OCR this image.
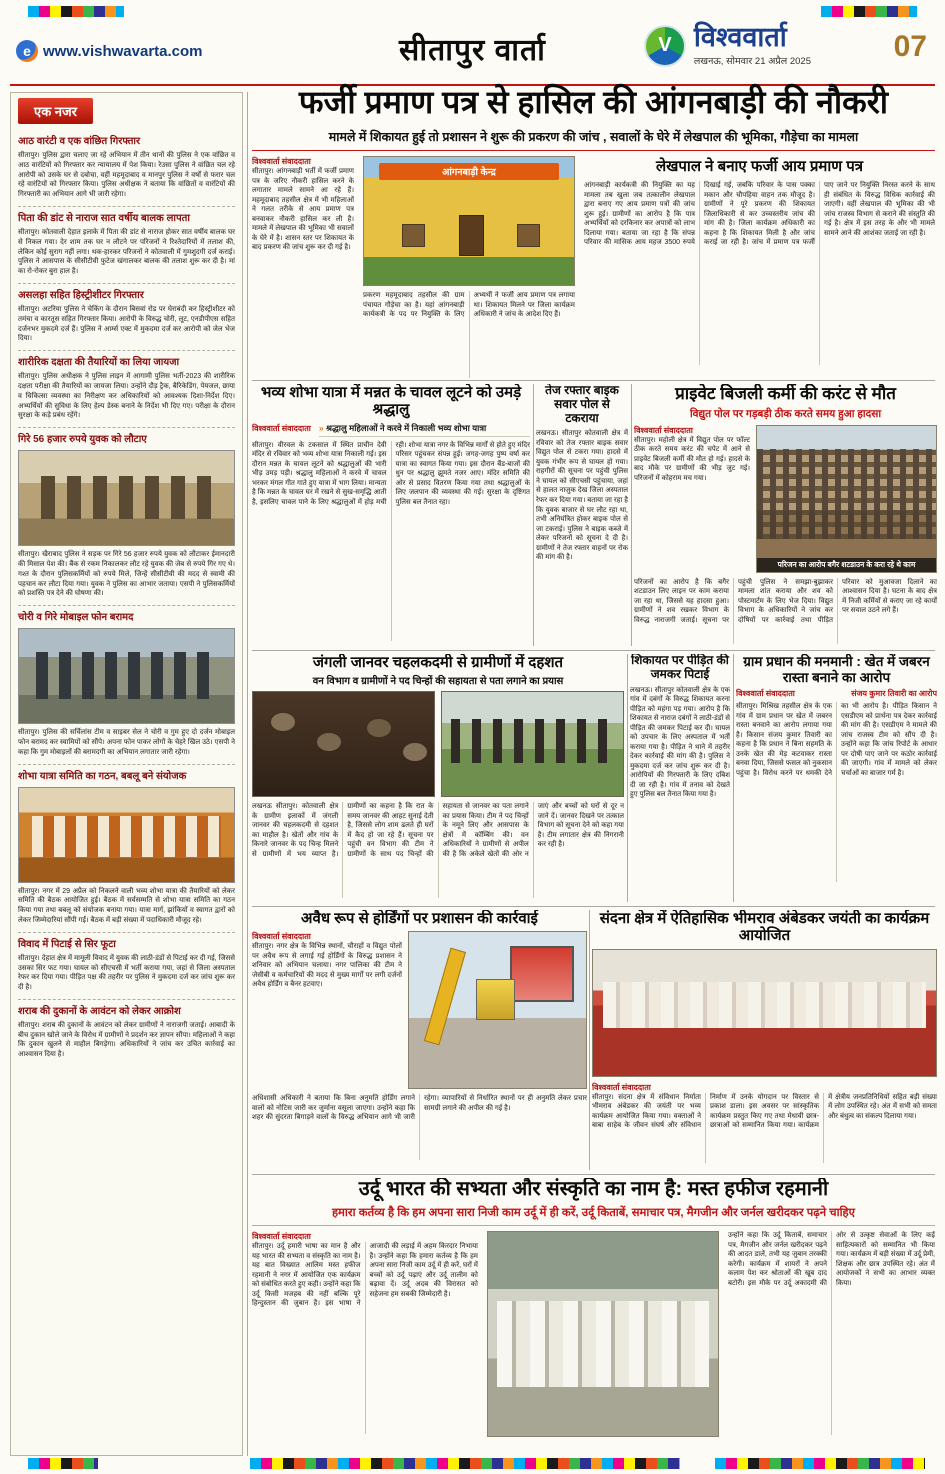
e www.vishwavarta.com	सीतापुर वार्ता	V विश्ववार्ता
लखनऊ, सोमवार 21 अप्रैल 2025	07
एक नजर
आठ वारंटी व एक वांछित गिरफ्तार

सीतापुर। पुलिस द्वारा चलाए जा रहे अभियान में तीन थानों की पुलिस ने एक वांछित व आठ वारंटियों को गिरफ्तार कर न्यायालय में पेश किया। रेउसा पुलिस ने वांछित चल रहे आरोपी को उसके घर से दबोचा, वहीं महमूदाबाद व मानपुर पुलिस ने वर्षों से फरार चल रहे वारंटियों को गिरफ्तार किया। पुलिस अधीक्षक ने बताया कि वांछितों व वारंटियों की गिरफ्तारी का अभियान आगे भी जारी रहेगा।

पिता की डांट से नाराज सात वर्षीय बालक लापता

सीतापुर। कोतवाली देहात इलाके में पिता की डांट से नाराज होकर सात वर्षीय बालक घर से निकल गया। देर शाम तक घर न लौटने पर परिजनों ने रिश्तेदारियों में तलाश की, लेकिन कोई सुराग नहीं लगा। थक-हारकर परिजनों ने कोतवाली में गुमशुदगी दर्ज कराई। पुलिस ने आसपास के सीसीटीवी फुटेज खंगालकर बालक की तलाश शुरू कर दी है। मां का रो-रोकर बुरा हाल है।

असलहा सहित हिस्ट्रीशीटर गिरफ्तार

सीतापुर। अटरिया पुलिस ने चेकिंग के दौरान बिसवां रोड पर घेराबंदी कर हिस्ट्रीशीटर को तमंचा व कारतूस सहित गिरफ्तार किया। आरोपी के विरुद्ध चोरी, लूट, एनडीपीएस सहित दर्जनभर मुकदमे दर्ज हैं। पुलिस ने आर्म्स एक्ट में मुकदमा दर्ज कर आरोपी को जेल भेज दिया।

शारीरिक दक्षता की तैयारियों का लिया जायजा

सीतापुर। पुलिस अधीक्षक ने पुलिस लाइन में आगामी पुलिस भर्ती-2023 की शारीरिक दक्षता परीक्षा की तैयारियों का जायजा लिया। उन्होंने दौड़ ट्रैक, बैरिकेडिंग, पेयजल, छाया व चिकित्सा व्यवस्था का निरीक्षण कर अधिकारियों को आवश्यक दिशा-निर्देश दिए। अभ्यर्थियों की सुविधा के लिए हेल्प डेस्क बनाने के निर्देश भी दिए गए। परीक्षा के दौरान सुरक्षा के कड़े प्रबंध रहेंगे।

गिरे 56 हजार रुपये युवक को लौटाए

सीतापुर। खैराबाद पुलिस ने सड़क पर गिरे 56 हजार रुपये युवक को लौटाकर ईमानदारी की मिसाल पेश की। बैंक से रकम निकालकर लौट रहे युवक की जेब से रुपये गिर गए थे। गश्त के दौरान पुलिसकर्मियों को रुपये मिले, जिन्हें सीसीटीवी की मदद से स्वामी की पहचान कर लौटा दिया गया। युवक ने पुलिस का आभार जताया। एसपी ने पुलिसकर्मियों को प्रशस्ति पत्र देने की घोषणा की।

चोरी व गिरे मोबाइल फोन बरामद

सीतापुर। पुलिस की सर्विलांस टीम व साइबर सेल ने चोरी व गुम हुए दो दर्जन मोबाइल फोन बरामद कर स्वामियों को सौंपे। अपना फोन पाकर लोगों के चेहरे खिल उठे। एसपी ने कहा कि गुम मोबाइलों की बरामदगी का अभियान लगातार जारी रहेगा।

शोभा यात्रा समिति का गठन, बबलू बने संयोजक

सीतापुर। नगर में 29 अप्रैल को निकलने वाली भव्य शोभा यात्रा की तैयारियों को लेकर समिति की बैठक आयोजित हुई। बैठक में सर्वसम्मति से शोभा यात्रा समिति का गठन किया गया तथा बबलू को संयोजक बनाया गया। यात्रा मार्ग, झांकियों व स्वागत द्वारों को लेकर जिम्मेदारियां सौंपी गईं। बैठक में बड़ी संख्या में पदाधिकारी मौजूद रहे।

विवाद में पिटाई से सिर फूटा

सीतापुर। देहात क्षेत्र में मामूली विवाद में युवक की लाठी-डंडों से पिटाई कर दी गई, जिससे उसका सिर फट गया। घायल को सीएचसी में भर्ती कराया गया, जहां से जिला अस्पताल रेफर कर दिया गया। पीड़ित पक्ष की तहरीर पर पुलिस ने मुकदमा दर्ज कर जांच शुरू कर दी है।

शराब की दुकानों के आवंटन को लेकर आक्रोश

सीतापुर। शराब की दुकानों के आवंटन को लेकर ग्रामीणों ने नाराजगी जताई। आबादी के बीच दुकान खोले जाने के विरोध में ग्रामीणों ने प्रदर्शन कर ज्ञापन सौंपा। महिलाओं ने कहा कि दुकान खुलने से माहौल बिगड़ेगा। अधिकारियों ने जांच कर उचित कार्रवाई का आश्वासन दिया है।

फर्जी प्रमाण पत्र से हासिल की आंगनबाड़ी की नौकरी
मामले में शिकायत हुई तो प्रशासन ने शुरू की प्रकरण की जांच , सवालों के घेरे में लेखपाल की भूमिका, गौड़ेचा का मामला
विश्ववार्ता संवाददाता

सीतापुर। आंगनबाड़ी भर्ती में फर्जी प्रमाण पत्र के जरिए नौकरी हासिल करने के लगातार मामले सामने आ रहे हैं। महमूदाबाद तहसील क्षेत्र में भी महिलाओं ने गलत तरीके से आय प्रमाण पत्र बनवाकर नौकरी हासिल कर ली है। मामले में लेखपाल की भूमिका भी सवालों के घेरे में है। शासन स्तर पर शिकायत के बाद प्रकरण की जांच शुरू कर दी गई है।

आंगनबाड़ी केन्द्र

प्रकरण महमूदाबाद तहसील की ग्राम पंचायत गौड़ेचा का है। यहां आंगनबाड़ी कार्यकत्री के पद पर नियुक्ति के लिए अभ्यर्थी ने फर्जी आय प्रमाण पत्र लगाया था। शिकायत मिलने पर जिला कार्यक्रम अधिकारी ने जांच के आदेश दिए हैं।

लेखपाल ने बनाए फर्जी आय प्रमाण पत्र

आंगनबाड़ी कार्यकत्री की नियुक्ति का यह मामला तब खुला जब तत्कालीन लेखपाल द्वारा बनाए गए आय प्रमाण पत्रों की जांच शुरू हुई। ग्रामीणों का आरोप है कि पात्र अभ्यर्थियों को दरकिनार कर अपात्रों को लाभ दिलाया गया। बताया जा रहा है कि संपन्न परिवार की मासिक आय महज 3500 रुपये दिखाई गई, जबकि परिवार के पास पक्का मकान और चौपहिया वाहन तक मौजूद है। ग्रामीणों ने पूरे प्रकरण की शिकायत जिलाधिकारी से कर उच्चस्तरीय जांच की मांग की है। जिला कार्यक्रम अधिकारी का कहना है कि शिकायत मिली है और जांच कराई जा रही है। जांच में प्रमाण पत्र फर्जी पाए जाने पर नियुक्ति निरस्त करने के साथ ही संबंधित के विरुद्ध विधिक कार्रवाई की जाएगी। वहीं लेखपाल की भूमिका की भी जांच राजस्व विभाग से कराने की संस्तुति की गई है। क्षेत्र में इस तरह के और भी मामले सामने आने की आशंका जताई जा रही है।

भव्य शोभा यात्रा में मन्नत के चावल लूटने को उमड़े श्रद्धालु
विश्ववार्ता संवाददाता » श्रद्धालु महिलाओं ने करवे में निकाली भव्य शोभा यात्रा

सीतापुर। वीरवल के टकसाल में स्थित प्राचीन देवी मंदिर से रविवार को भव्य शोभा यात्रा निकाली गई। इस दौरान मन्नत के चावल लूटने को श्रद्धालुओं की भारी भीड़ उमड़ पड़ी। श्रद्धालु महिलाओं ने करवे में चावल भरकर मंगल गीत गाते हुए यात्रा में भाग लिया। मान्यता है कि मन्नत के चावल घर में रखने से सुख-समृद्धि आती है, इसलिए चावल पाने के लिए श्रद्धालुओं में होड़ मची रही। शोभा यात्रा नगर के विभिन्न मार्गों से होते हुए मंदिर परिसर पहुंचकर संपन्न हुई। जगह-जगह पुष्प वर्षा कर यात्रा का स्वागत किया गया। इस दौरान बैंड-बाजों की धुन पर श्रद्धालु झूमते नजर आए। मंदिर समिति की ओर से प्रसाद वितरण किया गया तथा श्रद्धालुओं के लिए जलपान की व्यवस्था की गई। सुरक्षा के दृष्टिगत पुलिस बल तैनात रहा।

तेज रफ्तार बाइक सवार पोल से टकराया

लखनऊ। सीतापुर कोतवाली क्षेत्र में रविवार को तेज रफ्तार बाइक सवार विद्युत पोल से टकरा गया। हादसे में युवक गंभीर रूप से घायल हो गया। राहगीरों की सूचना पर पहुंची पुलिस ने घायल को सीएचसी पहुंचाया, जहां से हालत नाजुक देख जिला अस्पताल रेफर कर दिया गया। बताया जा रहा है कि युवक बाजार से घर लौट रहा था, तभी अनियंत्रित होकर बाइक पोल से जा टकराई। पुलिस ने बाइक कब्जे में लेकर परिजनों को सूचना दे दी है। ग्रामीणों ने तेज रफ्तार वाहनों पर रोक की मांग की है।

प्राइवेट बिजली कर्मी की करंट से मौत
विद्युत पोल पर गड़बड़ी ठीक करते समय हुआ हादसा
विश्ववार्ता संवाददाता

सीतापुर। महोली क्षेत्र में विद्युत पोल पर फॉल्ट ठीक करते समय करंट की चपेट में आने से प्राइवेट बिजली कर्मी की मौत हो गई। हादसे के बाद मौके पर ग्रामीणों की भीड़ जुट गई। परिजनों में कोहराम मच गया।

परिजन का आरोप बगैर शटडाउन के करा रहे थे काम

परिजनों का आरोप है कि बगैर शटडाउन लिए लाइन पर काम कराया जा रहा था, जिससे यह हादसा हुआ। ग्रामीणों ने शव रखकर विभाग के विरुद्ध नाराजगी जताई। सूचना पर पहुंची पुलिस ने समझा-बुझाकर मामला शांत कराया और शव को पोस्टमार्टम के लिए भेज दिया। विद्युत विभाग के अधिकारियों ने जांच कर दोषियों पर कार्रवाई तथा पीड़ित परिवार को मुआवजा दिलाने का आश्वासन दिया है। घटना के बाद क्षेत्र में निजी कर्मियों से कराए जा रहे कार्यों पर सवाल उठने लगे हैं।

जंगली जानवर चहलकदमी से ग्रामीणों में दहशत
वन विभाग व ग्रामीणों ने पद चिन्हों की सहायता से पता लगाने का प्रयास

लखनऊ सीतापुर। कोतवाली क्षेत्र के ग्रामीण इलाकों में जंगली जानवर की चहलकदमी से दहशत का माहौल है। खेतों और गांव के किनारे जानवर के पद चिन्ह मिलने से ग्रामीणों में भय व्याप्त है। ग्रामीणों का कहना है कि रात के समय जानवर की आहट सुनाई देती है, जिससे लोग शाम ढलते ही घरों में कैद हो जा रहे हैं। सूचना पर पहुंची वन विभाग की टीम ने ग्रामीणों के साथ पद चिन्हों की सहायता से जानवर का पता लगाने का प्रयास किया। टीम ने पद चिन्हों के नमूने लिए और आसपास के क्षेत्रों में कॉम्बिंग की। वन अधिकारियों ने ग्रामीणों से अपील की है कि अकेले खेतों की ओर न जाएं और बच्चों को घरों से दूर न जाने दें। जानवर दिखने पर तत्काल विभाग को सूचना देने को कहा गया है। टीम लगातार क्षेत्र की निगरानी कर रही है।

शिकायत पर पीड़ित की जमकर पिटाई

लखनऊ। सीतापुर कोतवाली क्षेत्र के एक गांव में दबंगों के विरुद्ध शिकायत करना पीड़ित को महंगा पड़ गया। आरोप है कि शिकायत से नाराज दबंगों ने लाठी-डंडों से पीड़ित की जमकर पिटाई कर दी। घायल को उपचार के लिए अस्पताल में भर्ती कराया गया है। पीड़ित ने थाने में तहरीर देकर कार्रवाई की मांग की है। पुलिस ने मुकदमा दर्ज कर जांच शुरू कर दी है। आरोपियों की गिरफ्तारी के लिए दबिश दी जा रही है। गांव में तनाव को देखते हुए पुलिस बल तैनात किया गया है।

ग्राम प्रधान की मनमानी : खेत में जबरन रास्ता बनाने का आरोप
विश्ववार्ता संवाददाता	संजय कुमार तिवारी का आरोप

सीतापुर। मिश्रिख तहसील क्षेत्र के एक गांव में ग्राम प्रधान पर खेत में जबरन रास्ता बनवाने का आरोप लगाया गया है। किसान संजय कुमार तिवारी का कहना है कि प्रधान ने बिना सहमति के उनके खेत की मेड़ कटवाकर रास्ता बनवा दिया, जिससे फसल को नुकसान पहुंचा है। विरोध करने पर धमकी देने का भी आरोप है। पीड़ित किसान ने एसडीएम को प्रार्थना पत्र देकर कार्रवाई की मांग की है। एसडीएम ने मामले की जांच राजस्व टीम को सौंप दी है। उन्होंने कहा कि जांच रिपोर्ट के आधार पर दोषी पाए जाने पर कठोर कार्रवाई की जाएगी। गांव में मामले को लेकर चर्चाओं का बाजार गर्म है।

अवैध रूप से होर्डिंगों पर प्रशासन की कार्रवाई
विश्ववार्ता संवाददाता

सीतापुर। नगर क्षेत्र के विभिन्न स्थानों, चौराहों व विद्युत पोलों पर अवैध रूप से लगाई गई होर्डिंगों के विरुद्ध प्रशासन ने शनिवार को अभियान चलाया। नगर पालिका की टीम ने जेसीबी व कर्मचारियों की मदद से मुख्य मार्गों पर लगी दर्जनों अवैध होर्डिंग व बैनर हटवाए।

अधिशासी अधिकारी ने बताया कि बिना अनुमति होर्डिंग लगाने वालों को नोटिस जारी कर जुर्माना वसूला जाएगा। उन्होंने कहा कि शहर की सुंदरता बिगाड़ने वालों के विरुद्ध अभियान आगे भी जारी रहेगा। व्यापारियों से निर्धारित स्थानों पर ही अनुमति लेकर प्रचार सामग्री लगाने की अपील की गई है।

संदना क्षेत्र में ऐतिहासिक भीमराव अंबेडकर जयंती का कार्यक्रम आयोजित
विश्ववार्ता संवाददाता

सीतापुर। संदना क्षेत्र में संविधान निर्माता भीमराव अंबेडकर की जयंती पर भव्य कार्यक्रम आयोजित किया गया। वक्ताओं ने बाबा साहेब के जीवन संघर्ष और संविधान निर्माण में उनके योगदान पर विस्तार से प्रकाश डाला। इस अवसर पर सांस्कृतिक कार्यक्रम प्रस्तुत किए गए तथा मेधावी छात्र-छात्राओं को सम्मानित किया गया। कार्यक्रम में क्षेत्रीय जनप्रतिनिधियों सहित बड़ी संख्या में लोग उपस्थित रहे। अंत में सभी को समता और बंधुत्व का संकल्प दिलाया गया।

उर्दू भारत की सभ्यता और संस्कृति का नाम है: मस्त हफीज रहमानी
हमारा कर्तव्य है कि हम अपना सारा निजी काम उर्दू में ही करें, उर्दू किताबें, समाचार पत्र, मैगजीन और जर्नल खरीदकर पढ़ने चाहिए
विश्ववार्ता संवाददाता

सीतापुर। उर्दू हमारी भाषा का मान है और यह भारत की सभ्यता व संस्कृति का नाम है। यह बात विख्यात आलिम मस्त हफीज रहमानी ने नगर में आयोजित एक कार्यक्रम को संबोधित करते हुए कही। उन्होंने कहा कि उर्दू किसी मजहब की नहीं बल्कि पूरे हिन्दुस्तान की जुबान है। इस भाषा ने आजादी की लड़ाई में अहम किरदार निभाया है। उन्होंने कहा कि हमारा कर्तव्य है कि हम अपना सारा निजी काम उर्दू में ही करें, घरों में बच्चों को उर्दू पढ़ाएं और उर्दू तालीम को बढ़ावा दें। उर्दू अदब की विरासत को सहेजना हम सबकी जिम्मेदारी है।

उन्होंने कहा कि उर्दू किताबें, समाचार पत्र, मैगजीन और जर्नल खरीदकर पढ़ने की आदत डालें, तभी यह जुबान तरक्की करेगी। कार्यक्रम में शायरों ने अपने कलाम पेश कर श्रोताओं की खूब दाद बटोरी। इस मौके पर उर्दू अकादमी की ओर से उत्कृष्ट सेवाओं के लिए कई साहित्यकारों को सम्मानित भी किया गया। कार्यक्रम में बड़ी संख्या में उर्दू प्रेमी, शिक्षक और छात्र उपस्थित रहे। अंत में आयोजकों ने सभी का आभार व्यक्त किया।
